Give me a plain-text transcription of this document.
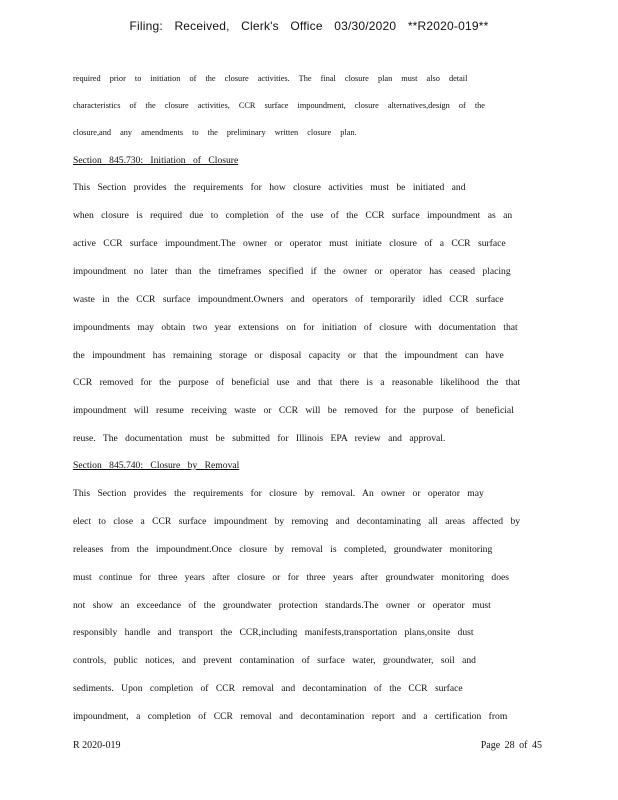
Filing: Received, Clerk's Office 03/30/2020 **R2020-019**
required prior to initiation of the closure activities. The final closure plan must also detail
characteristics of the closure activities, CCR surface impoundment, closure alternatives,design of the
closure,and any amendments to the preliminary written closure plan.
Section 845.730: Initiation of Closure
This Section provides the requirements for how closure activities must be initiated and
when closure is required due to completion of the use of the CCR surface impoundment as an
active CCR surface impoundment.The owner or operator must initiate closure of a CCR surface
impoundment no later than the timeframes specified if the owner or operator has ceased placing
waste in the CCR surface impoundment.Owners and operators of temporarily idled CCR surface
impoundments may obtain two year extensions on for initiation of closure with documentation that
the impoundment has remaining storage or disposal capacity or that the impoundment can have
CCR removed for the purpose of beneficial use and that there is a reasonable likelihood the that
impoundment will resume receiving waste or CCR will be removed for the purpose of beneficial
reuse. The documentation must be submitted for Illinois EPA review and approval.
Section 845.740: Closure by Removal
This Section provides the requirements for closure by removal. An owner or operator may
elect to close a CCR surface impoundment by removing and decontaminating all areas affected by
releases from the impoundment.Once closure by removal is completed, groundwater monitoring
must continue for three years after closure or for three years after groundwater monitoring does
not show an exceedance of the groundwater protection standards.The owner or operator must
responsibly handle and transport the CCR,including manifests,transportation plans,onsite dust
controls, public notices, and prevent contamination of surface water, groundwater, soil and
sediments. Upon completion of CCR removal and decontamination of the CCR surface
impoundment, a completion of CCR removal and decontamination report and a certification from
R 2020-019	Page 28 of 45
